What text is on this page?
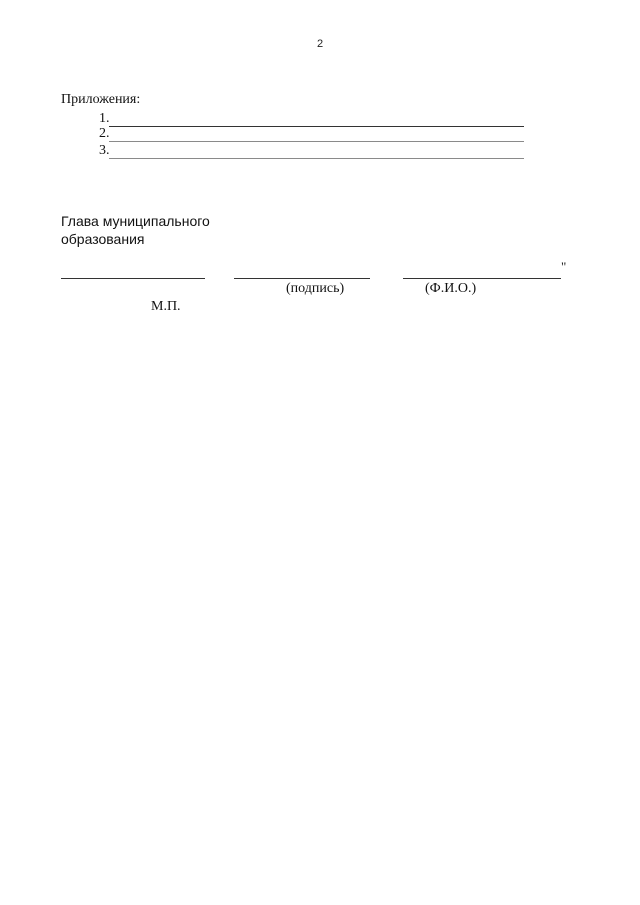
2
Приложения:
1.
2.
3.
Глава муниципального
образования
"
(подпись)	(Ф.И.О.)
М.П.
